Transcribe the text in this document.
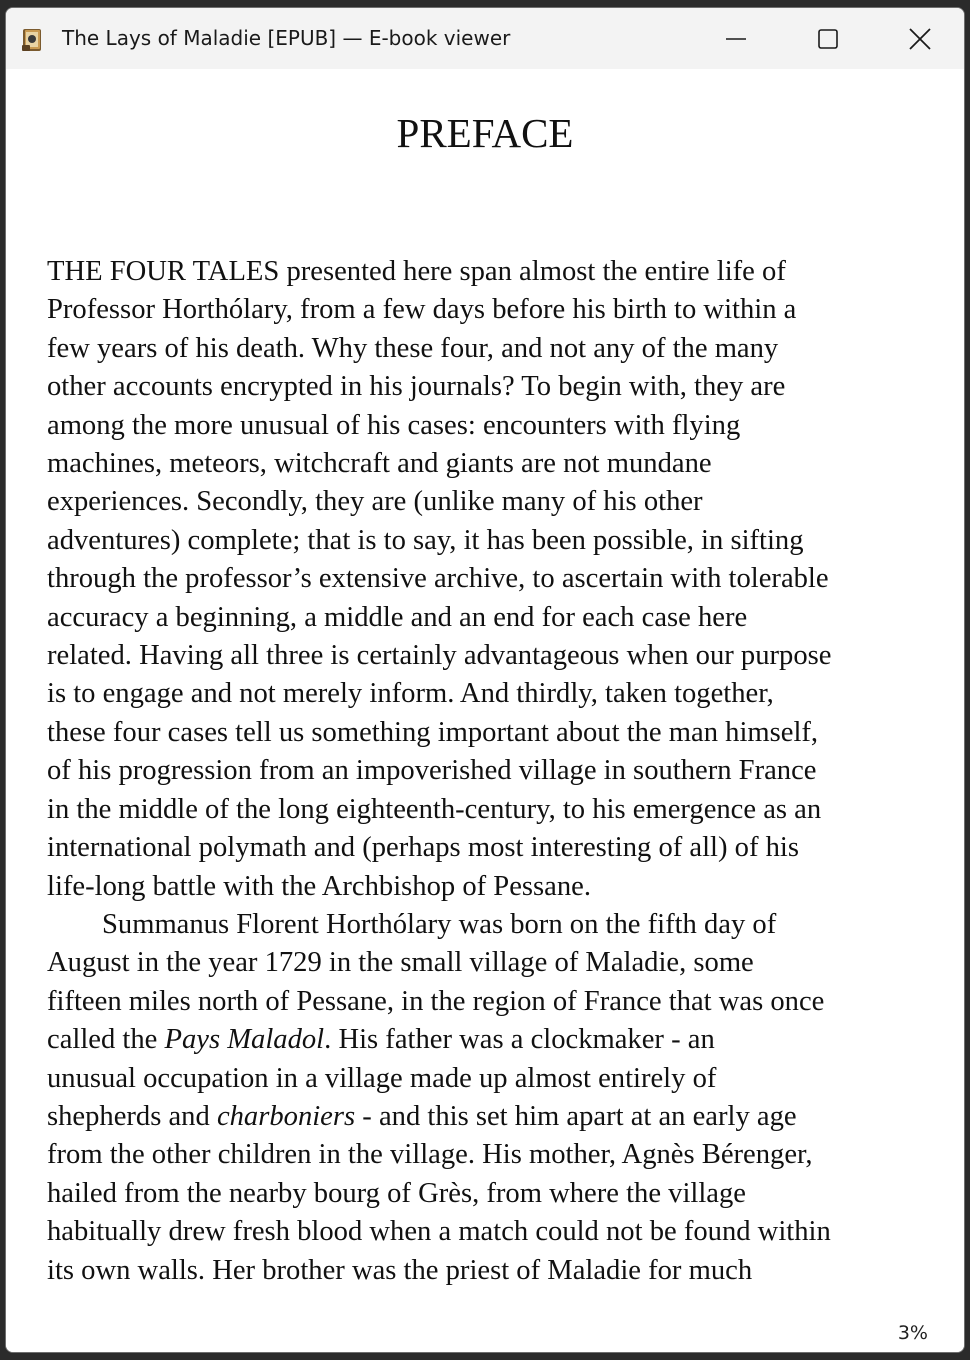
The Lays of Maladie [EPUB] — E-book viewer
PREFACE

THE FOUR TALES presented here span almost the entire life of
Professor Horthólary, from a few days before his birth to within a
few years of his death. Why these four, and not any of the many
other accounts encrypted in his journals? To begin with, they are
among the more unusual of his cases: encounters with flying
machines, meteors, witchcraft and giants are not mundane
experiences. Secondly, they are (unlike many of his other
adventures) complete; that is to say, it has been possible, in sifting
through the professor’s extensive archive, to ascertain with tolerable
accuracy a beginning, a middle and an end for each case here
related. Having all three is certainly advantageous when our purpose
is to engage and not merely inform. And thirdly, taken together,
these four cases tell us something important about the man himself,
of his progression from an impoverished village in southern France
in the middle of the long eighteenth-century, to his emergence as an
international polymath and (perhaps most interesting of all) of his
life-long battle with the Archbishop of Pessane.

Summanus Florent Horthólary was born on the fifth day of
August in the year 1729 in the small village of Maladie, some
fifteen miles north of Pessane, in the region of France that was once
called the Pays Maladol. His father was a clockmaker - an
unusual occupation in a village made up almost entirely of
shepherds and charboniers - and this set him apart at an early age
from the other children in the village. His mother, Agnès Bérenger,
hailed from the nearby bourg of Grès, from where the village
habitually drew fresh blood when a match could not be found within
its own walls. Her brother was the priest of Maladie for much

3%
